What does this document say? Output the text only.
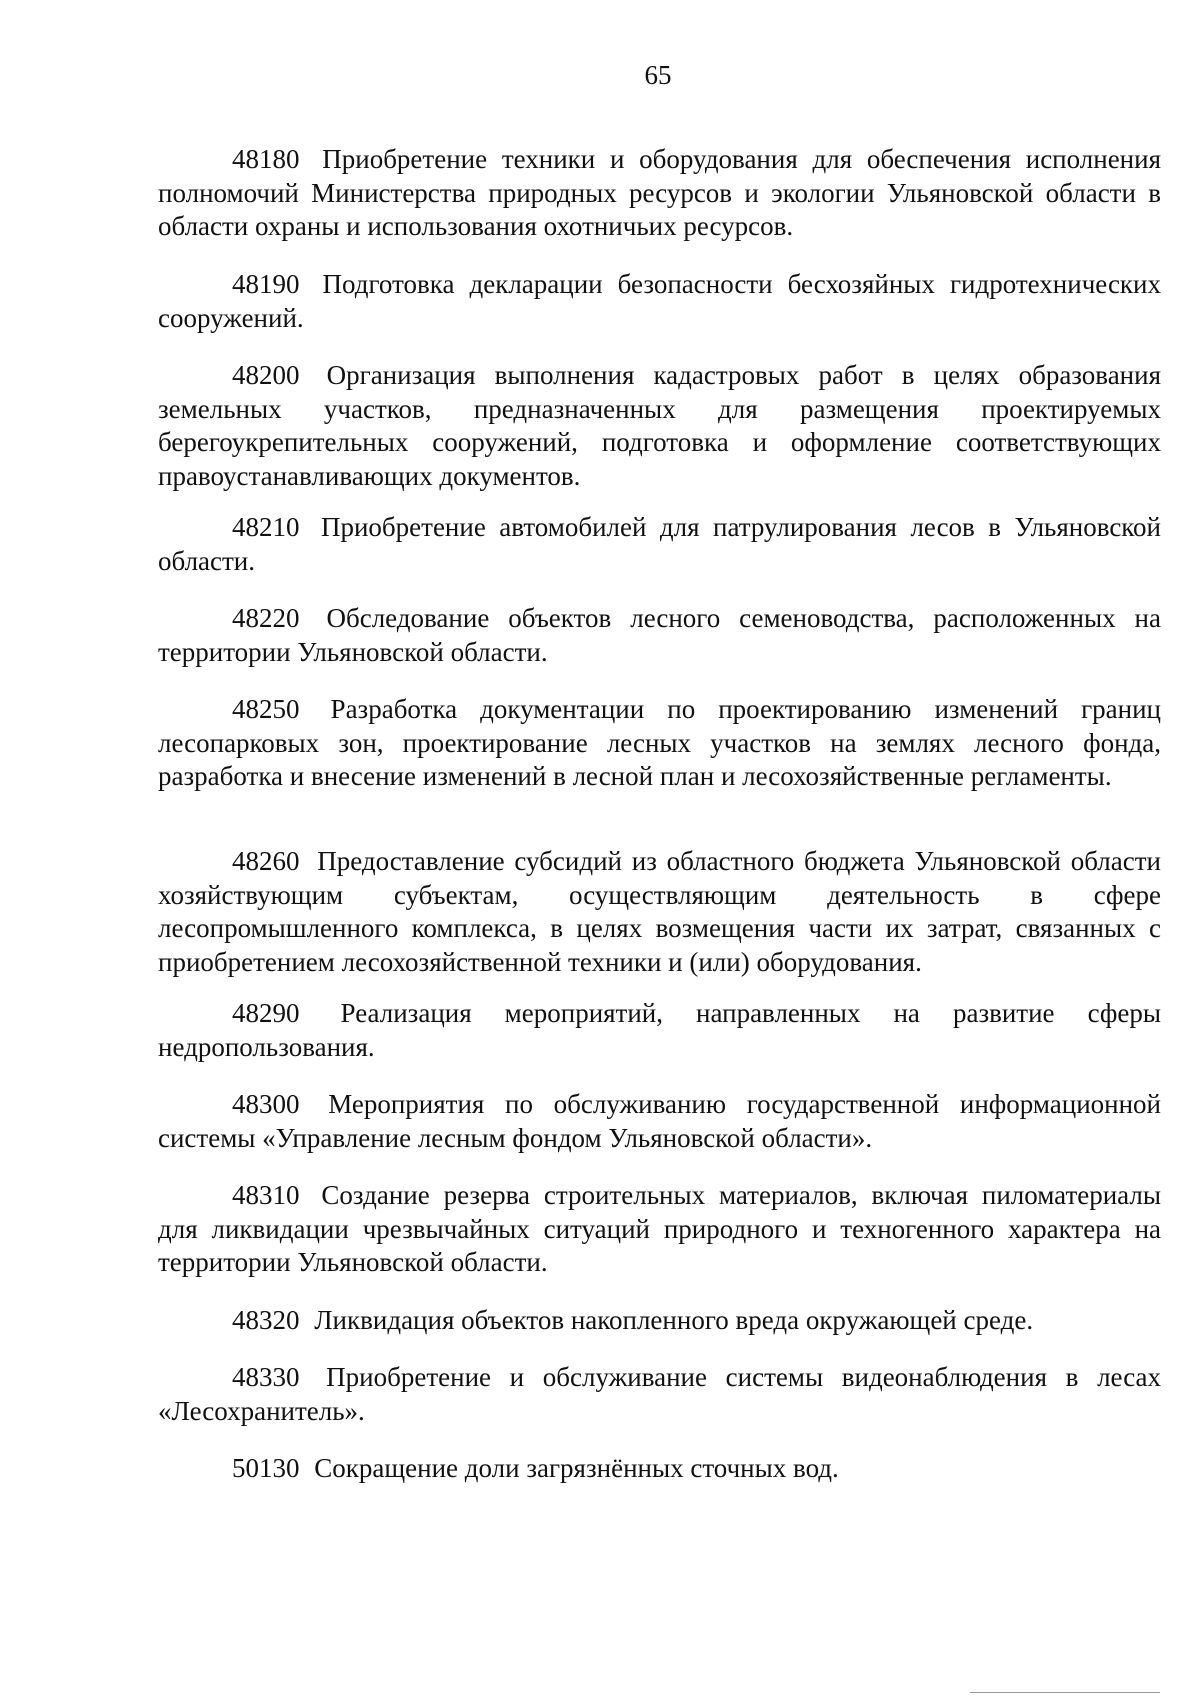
65

48180 Приобретение техники и оборудования для обеспечения исполнения полномочий Министерства природных ресурсов и экологии Ульяновской области в области охраны и использования охотничьих ресурсов.

48190 Подготовка декларации безопасности бесхозяйных гидротехнических сооружений.

48200 Организация выполнения кадастровых работ в целях образования земельных участков, предназначенных для размещения проектируемых берегоукрепительных сооружений, подготовка и оформление соответствующих правоустанавливающих документов.

48210 Приобретение автомобилей для патрулирования лесов в Ульяновской области.

48220 Обследование объектов лесного семеноводства, расположенных на территории Ульяновской области.

48250 Разработка документации по проектированию изменений границ лесопарковых зон, проектирование лесных участков на землях лесного фонда, разработка и внесение изменений в лесной план и лесохозяйственные регламенты.

48260 Предоставление субсидий из областного бюджета Ульяновской области хозяйствующим субъектам, осуществляющим деятельность в сфере лесопромышленного комплекса, в целях возмещения части их затрат, связанных с приобретением лесохозяйственной техники и (или) оборудования.

48290 Реализация мероприятий, направленных на развитие сферы недропользования.

48300 Мероприятия по обслуживанию государственной информационной системы «Управление лесным фондом Ульяновской области».

48310 Создание резерва строительных материалов, включая пиломатериалы для ликвидации чрезвычайных ситуаций природного и техногенного характера на территории Ульяновской области.

48320 Ликвидация объектов накопленного вреда окружающей среде.

48330 Приобретение и обслуживание системы видеонаблюдения в лесах «Лесохранитель».

50130 Сокращение доли загрязнённых сточных вод.
